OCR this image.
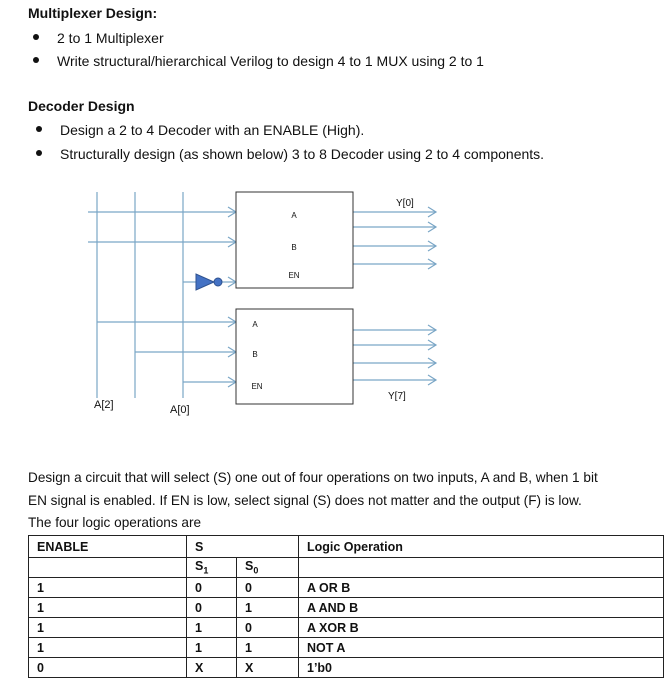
Multiplexer Design:
2 to 1 Multiplexer
Write structural/hierarchical Verilog to design 4 to 1 MUX using 2 to 1
Decoder Design
Design a 2 to 4 Decoder with an ENABLE (High).
Structurally design (as shown below) 3 to 8 Decoder using 2 to 4 components.
A
B
EN
A
B
EN
Y[0]
Y[7]
A[2]	A[0]
Design a circuit that will select (S) one out of four operations on two inputs, A and B, when 1 bit
EN signal is enabled. If EN is low, select signal (S) does not matter and the output (F) is low.
The four logic operations are
ENABLE	S		Logic Operation
	$S_1$	$S_0$	
1	0	0	A OR B
1	0	1	A AND B
1	1	0	A XOR B
1	1	1	NOT A
0	X	X	1’b0
